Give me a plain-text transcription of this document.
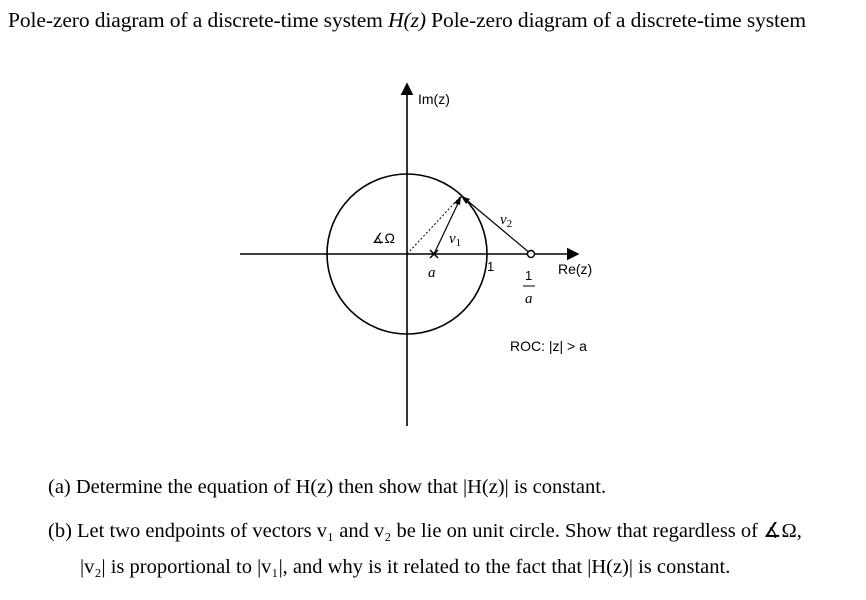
Pole-zero diagram of a discrete-time system H(z) Pole-zero diagram of a discrete-time system
Im(z)
Re(z)
∡Ω	$v_1$
$v_2$
a	1
1
a
ROC: |z| > a
(a) Determine the equation of H(z) then show that |H(z)| is constant.
(b) Let two endpoints of vectors v₁ and v₂ be lie on unit circle. Show that regardless of ∡Ω,
|v₂| is proportional to |v₁|, and why is it related to the fact that |H(z)| is constant.
